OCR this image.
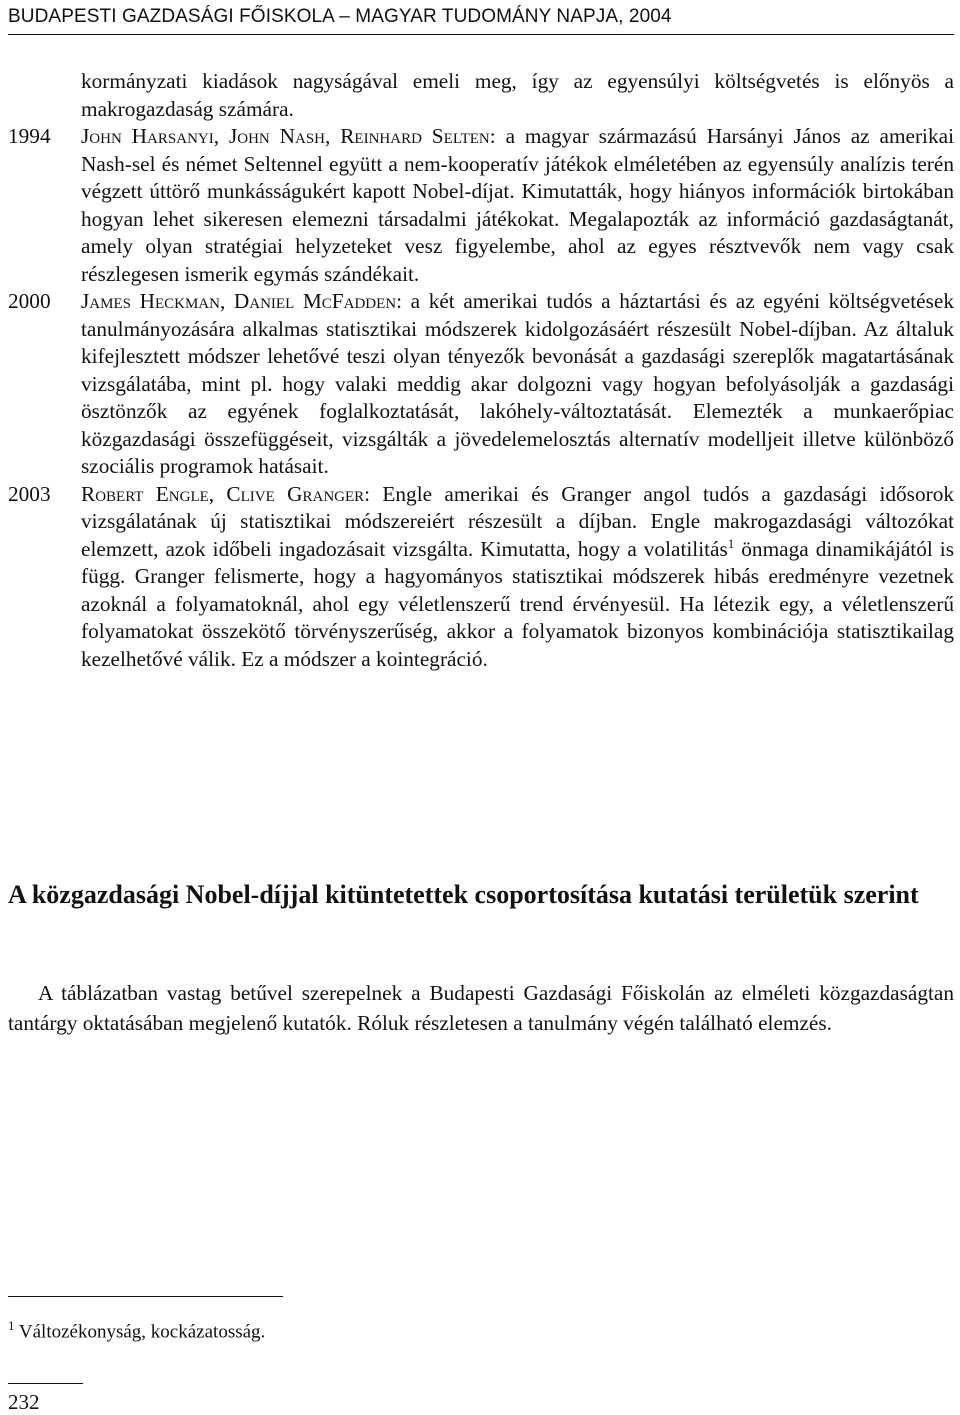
BUDAPESTI GAZDASÁGI FŐISKOLA – MAGYAR TUDOMÁNY NAPJA, 2004
kormányzati kiadások nagyságával emeli meg, így az egyensúlyi költségvetés is előnyös a makrogazdaság számára.
1994	John Harsanyi, John Nash, Reinhard Selten: a magyar származású Harsányi János az amerikai Nash-sel és német Seltennel együtt a nem-kooperatív játékok elméletében az egyensúly analízis terén végzett úttörő munkásságukért kapott Nobel-díjat. Kimutatták, hogy hiányos információk birtokában hogyan lehet sikeresen elemezni társadalmi játékokat. Megalapozták az információ gazdaságtanát, amely olyan stratégiai helyzeteket vesz figyelembe, ahol az egyes résztvevők nem vagy csak részlegesen ismerik egymás szándékait.
2000	James Heckman, Daniel McFadden: a két amerikai tudós a háztartási és az egyéni költségvetések tanulmányozására alkalmas statisztikai módszerek kidolgozásáért részesült Nobel-díjban. Az általuk kifejlesztett módszer lehetővé teszi olyan tényezők bevonását a gazdasági szereplők magatartásának vizsgálatába, mint pl. hogy valaki meddig akar dolgozni vagy hogyan befolyásolják a gazdasági ösztönzők az egyének foglalkoztatását, lakóhely-változtatását. Elemezték a munkaerőpiac közgazdasági összefüggéseit, vizsgálták a jövedelemelosztás alternatív modelljeit illetve különböző szociális programok hatásait.
2003	Robert Engle, Clive Granger: Engle amerikai és Granger angol tudós a gazdasági idősorok vizsgálatának új statisztikai módszereiért részesült a díjban. Engle makrogazdasági változókat elemzett, azok időbeli ingadozásait vizsgálta. Kimutatta, hogy a volatilitás$^1$ önmaga dinamikájától is függ. Granger felismerte, hogy a hagyományos statisztikai módszerek hibás eredményre vezetnek azoknál a folyamatoknál, ahol egy véletlenszerű trend érvényesül. Ha létezik egy, a véletlenszerű folyamatokat összekötő törvényszerűség, akkor a folyamatok bizonyos kombinációja statisztikailag kezelhetővé válik. Ez a módszer a kointegráció.
A közgazdasági Nobel-díjjal kitüntetettek csoportosítása kutatási területük szerint

A táblázatban vastag betűvel szerepelnek a Budapesti Gazdasági Főiskolán az elméleti közgazdaságtan tantárgy oktatásában megjelenő kutatók. Róluk részletesen a tanulmány végén található elemzés.

$^1$ Változékonyság, kockázatosság.
232
